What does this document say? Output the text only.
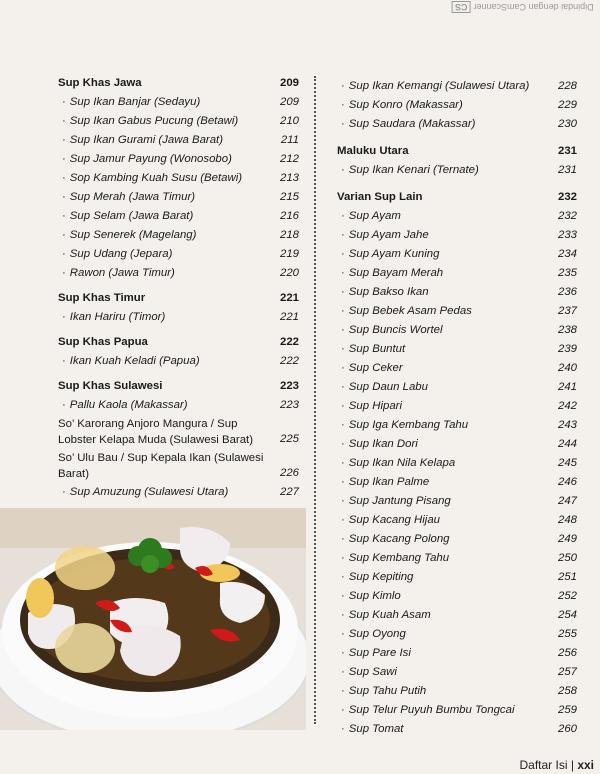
Dipindai dengan CamScannerCS
Sup Khas Jawa	209
· Sup Ikan Banjar (Sedayu)	209
· Sup Ikan Gabus Pucung (Betawi)	210
· Sup Ikan Gurami (Jawa Barat)	211
· Sup Jamur Payung (Wonosobo)	212
· Sop Kambing Kuah Susu (Betawi)	213
· Sup Merah (Jawa Timur)	215
· Sup Selam (Jawa Barat)	216
· Sup Senerek (Magelang)	218
· Sup Udang (Jepara)	219
· Rawon (Jawa Timur)	220
Sup Khas Timur	221
· Ikan Hariru (Timor)	221
Sup Khas Papua	222
· Ikan Kuah Keladi (Papua)	222
Sup Khas Sulawesi	223
· Pallu Kaola (Makassar)	223
So’ Karorang Anjoro Mangura / Sup Lobster Kelapa Muda (Sulawesi Barat)	225
So’ Ulu Bau / Sup Kepala Ikan (Sulawesi Barat)	226
· Sup Amuzung (Sulawesi Utara)	227
· Sup Ikan Kemangi (Sulawesi Utara)	228
· Sup Konro (Makassar)	229
· Sup Saudara (Makassar)	230
Maluku Utara	231
· Sup Ikan Kenari (Ternate)	231
Varian Sup Lain	232
· Sup Ayam	232
· Sup Ayam Jahe	233
· Sup Ayam Kuning	234
· Sup Bayam Merah	235
· Sup Bakso Ikan	236
· Sup Bebek Asam Pedas	237
· Sup Buncis Wortel	238
· Sup Buntut	239
· Sup Ceker	240
· Sup Daun Labu	241
· Sup Hipari	242
· Sup Iga Kembang Tahu	243
· Sup Ikan Dori	244
· Sup Ikan Nila Kelapa	245
· Sup Ikan Palme	246
· Sup Jantung Pisang	247
· Sup Kacang Hijau	248
· Sup Kacang Polong	249
· Sup Kembang Tahu	250
· Sup Kepiting	251
· Sup Kimlo	252
· Sup Kuah Asam	254
· Sup Oyong	255
· Sup Pare Isi	256
· Sup Sawi	257
· Sup Tahu Putih	258
· Sup Telur Puyuh Bumbu Tongcai	259
· Sup Tomat	260
Daftar Isi | xxi
